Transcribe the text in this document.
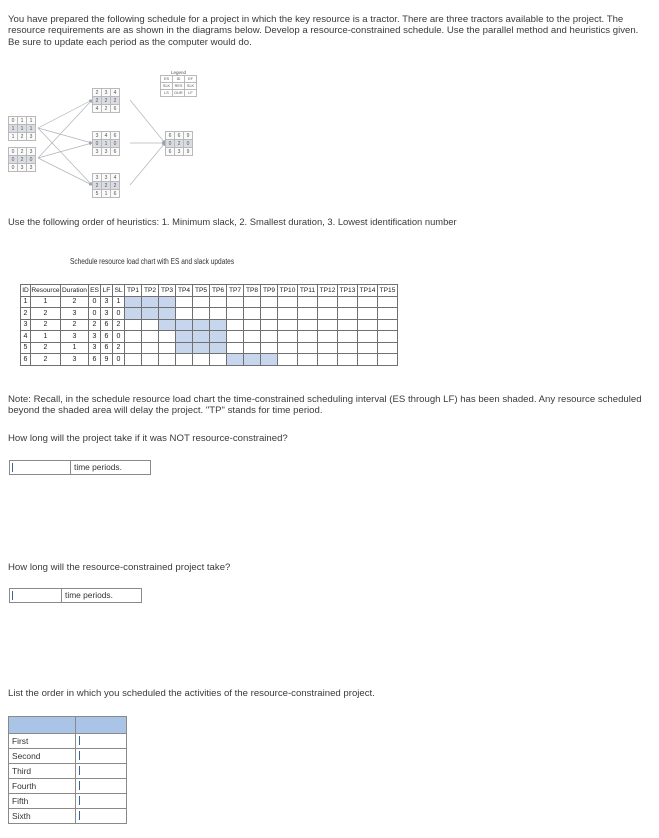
You have prepared the following schedule for a project in which the key resource is a tractor. There are three tractors available to the project. The resource requirements are as shown in the diagrams below. Develop a resource-constrained schedule. Use the parallel method and heuristics given. Be sure to update each period as the computer would do.
0	1	1
1	1	1
1	2	3
0	2	3
0	2	0
0	3	3
2	3	4
2	2	2
4	2	6
3	4	6
0	1	0
3	3	6
3	3	4
2	2	2
5	1	6
6	6	9
0	2	0
6	3	9
Legend
ES	ID	EF
SLK	RES	SLK
LS	DUR	LF
Use the following order of heuristics: 1. Minimum slack, 2. Smallest duration, 3. Lowest identification number
Schedule resource load chart with ES and slack updates
ID	Resource	Duration	ES	LF	SL	TP1	TP2	TP3	TP4	TP5	TP6	TP7	TP8	TP9	TP10	TP11	TP12	TP13	TP14	TP15
1	1	2	0	3	1															
2	2	3	0	3	0															
3	2	2	2	6	2															
4	1	3	3	6	0															
5	2	1	3	6	2															
6	2	3	6	9	0															
Note: Recall, in the schedule resource load chart the time-constrained scheduling interval (ES through LF) has been shaded. Any resource scheduled beyond the shaded area will delay the project. "TP" stands for time period.
How long will the project take if it was NOT resource-constrained?
time periods.
How long will the resource-constrained project take?
time periods.
List the order in which you scheduled the activities of the resource-constrained project.

First	
Second	
Third	
Fourth	
Fifth	
Sixth	
